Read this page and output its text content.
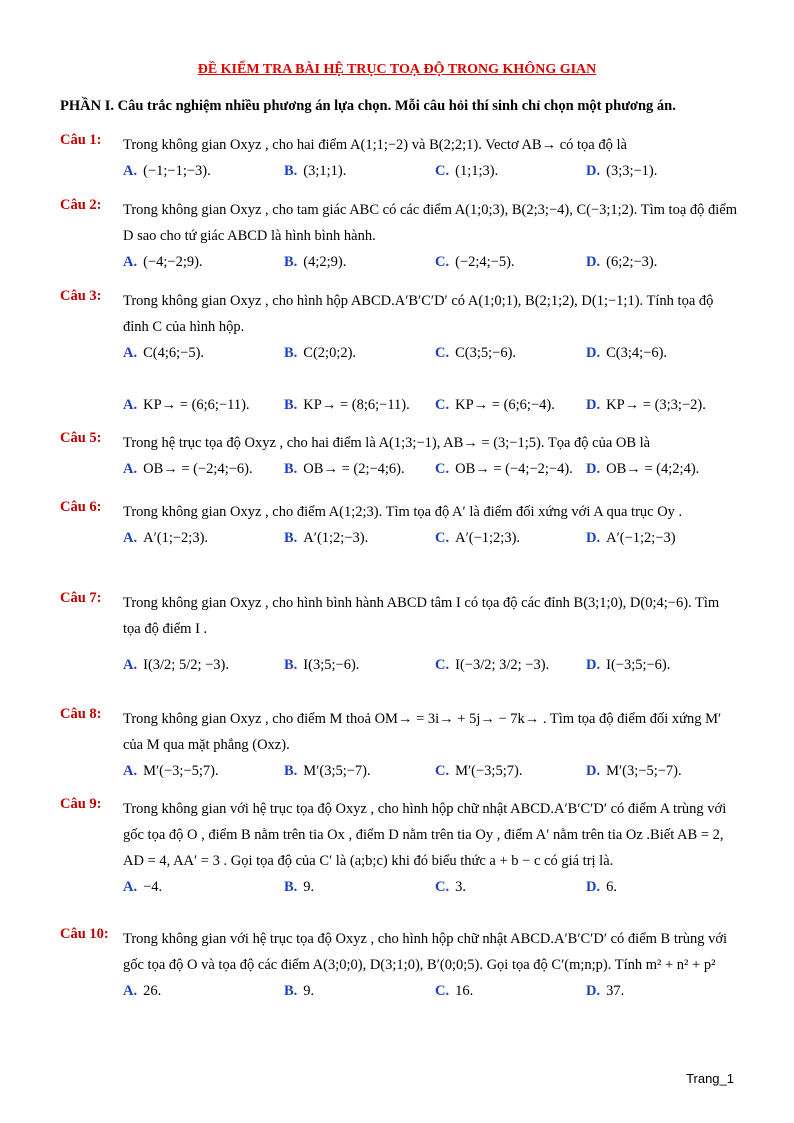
ĐỀ KIỂM TRA BÀI HỆ TRỤC TOẠ ĐỘ TRONG KHÔNG GIAN
PHẦN I. Câu trắc nghiệm nhiều phương án lựa chọn. Mỗi câu hỏi thí sinh chỉ chọn một phương án.
Câu 1:	Trong không gian Oxyz , cho hai điểm A(1;1;−2) và B(2;2;1). Vectơ AB→ có tọa độ là
A. (−1;−1;−3).	B. (3;1;1).	C. (1;1;3).	D. (3;3;−1).
Câu 2:	Trong không gian Oxyz , cho tam giác ABC có các điểm A(1;0;3), B(2;3;−4), C(−3;1;2). Tìm toạ độ điểm D sao cho tứ giác ABCD là hình bình hành.
A. (−4;−2;9).	B. (4;2;9).	C. (−2;4;−5).	D. (6;2;−3).
Câu 3:	Trong không gian Oxyz , cho hình hộp ABCD.A′B′C′D′ có A(1;0;1), B(2;1;2), D(1;−1;1). Tính tọa độ đỉnh C của hình hộp.
A. C(4;6;−5).	B. C(2;0;2).	C. C(3;5;−6).	D. C(3;4;−6).
A. KP→ = (6;6;−11). B. KP→ = (8;6;−11). C. KP→ = (6;6;−4). D. KP→ = (3;3;−2).
Câu 5:	Trong hệ trục tọa độ Oxyz , cho hai điểm là A(1;3;−1), AB→ = (3;−1;5). Tọa độ của OB là
A. OB→ = (−2;4;−6). B. OB→ = (2;−4;6). C. OB→ = (−4;−2;−4). D. OB→ = (4;2;4).
Câu 6:	Trong không gian Oxyz , cho điểm A(1;2;3). Tìm tọa độ A′ là điểm đối xứng với A qua trục Oy .
A. A′(1;−2;3).	B. A′(1;2;−3).	C. A′(−1;2;3).	D. A′(−1;2;−3)
Câu 7:	Trong không gian Oxyz , cho hình bình hành ABCD tâm I có tọa độ các đỉnh B(3;1;0), D(0;4;−6). Tìm tọa độ điểm I .
A. I(3/2; 5/2; −3).	B. I(3;5;−6).	C. I(−3/2; 3/2; −3).	D. I(−3;5;−6).
Câu 8:	Trong không gian Oxyz , cho điểm M thoả OM→ = 3i→ + 5j→ − 7k→ . Tìm tọa độ điểm đối xứng M′ của M qua mặt phẳng (Oxz).
A. M′(−3;−5;7).	B. M′(3;5;−7).	C. M′(−3;5;7).	D. M′(3;−5;−7).
Câu 9:	Trong không gian với hệ trục tọa độ Oxyz , cho hình hộp chữ nhật ABCD.A′B′C′D′ có điểm A trùng với gốc tọa độ O , điểm B nằm trên tia Ox , điểm D nằm trên tia Oy , điểm A′ nằm trên tia Oz .Biết AB = 2, AD = 4, AA′ = 3 . Gọi tọa độ của C′ là (a;b;c) khi đó biểu thức a + b − c có giá trị là.
A. −4.	B. 9.	C. 3.	D. 6.
Câu 10: Trong không gian với hệ trục tọa độ Oxyz , cho hình hộp chữ nhật ABCD.A′B′C′D′ có điểm B trùng với gốc tọa độ O và tọa độ các điểm A(3;0;0), D(3;1;0), B′(0;0;5). Gọi tọa độ C′(m;n;p). Tính m² + n² + p²
A. 26.	B. 9.	C. 16.	D. 37.
Trang_1
